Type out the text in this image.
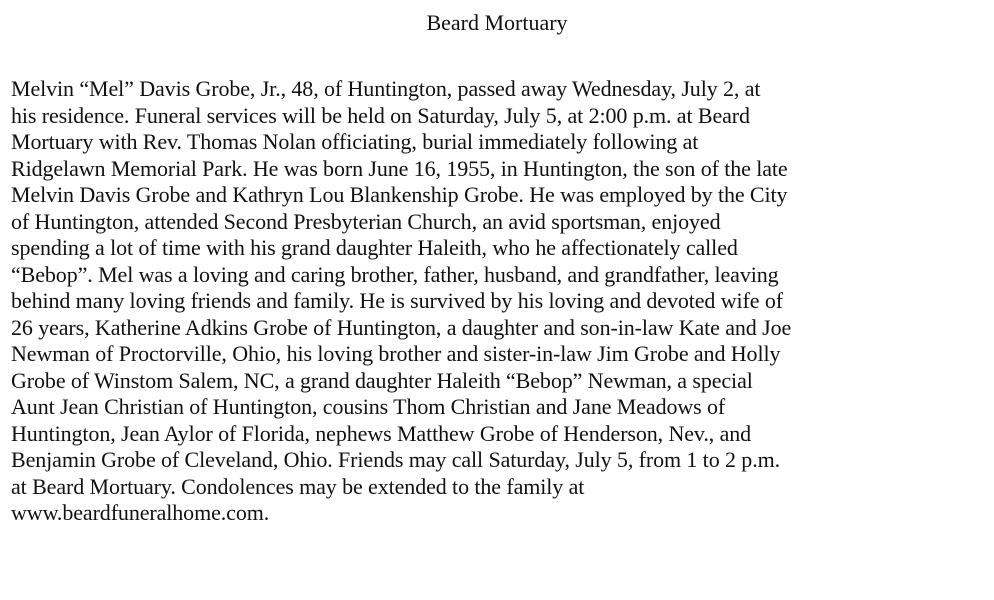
Beard Mortuary
Melvin “Mel” Davis Grobe, Jr., 48, of Huntington, passed away Wednesday, July 2, at
his residence. Funeral services will be held on Saturday, July 5, at 2:00 p.m. at Beard
Mortuary with Rev. Thomas Nolan officiating, burial immediately following at
Ridgelawn Memorial Park. He was born June 16, 1955, in Huntington, the son of the late
Melvin Davis Grobe and Kathryn Lou Blankenship Grobe. He was employed by the City
of Huntington, attended Second Presbyterian Church, an avid sportsman, enjoyed
spending a lot of time with his grand daughter Haleith, who he affectionately called
“Bebop”. Mel was a loving and caring brother, father, husband, and grandfather, leaving
behind many loving friends and family. He is survived by his loving and devoted wife of
26 years, Katherine Adkins Grobe of Huntington, a daughter and son-in-law Kate and Joe
Newman of Proctorville, Ohio, his loving brother and sister-in-law Jim Grobe and Holly
Grobe of Winstom Salem, NC, a grand daughter Haleith “Bebop” Newman, a special
Aunt Jean Christian of Huntington, cousins Thom Christian and Jane Meadows of
Huntington, Jean Aylor of Florida, nephews Matthew Grobe of Henderson, Nev., and
Benjamin Grobe of Cleveland, Ohio. Friends may call Saturday, July 5, from 1 to 2 p.m.
at Beard Mortuary. Condolences may be extended to the family at
www.beardfuneralhome.com.
